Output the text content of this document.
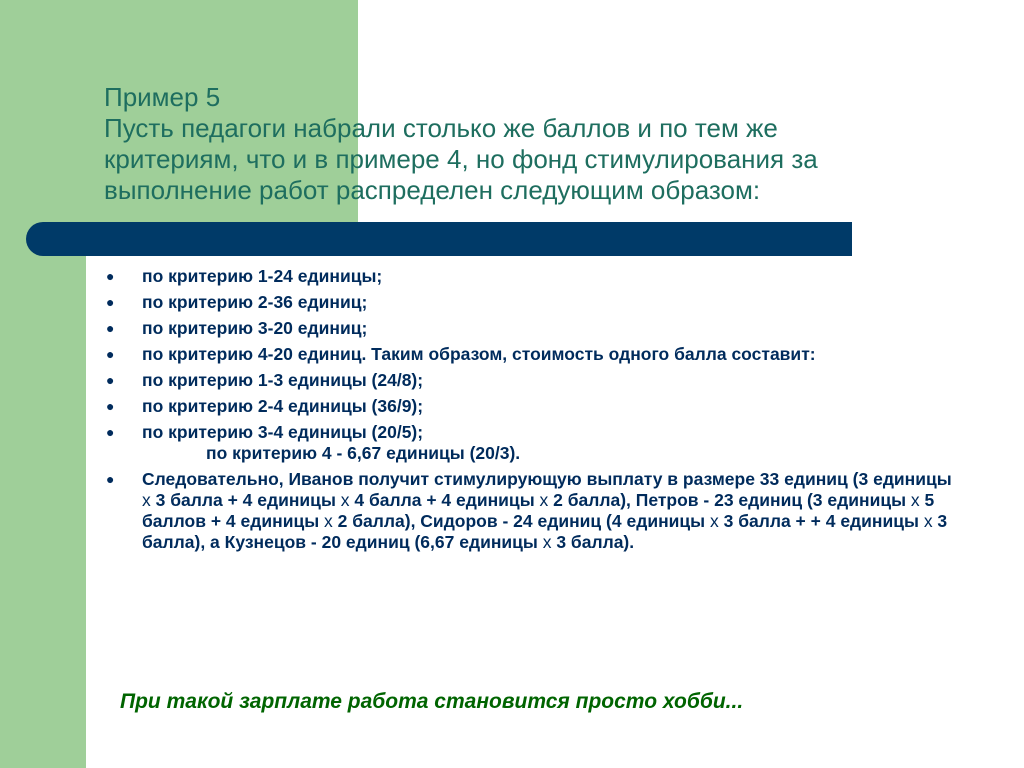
Пример 5
Пусть педагоги набрали столько же баллов и по тем же
критериям, что и в примере 4, но фонд стимулирования за
выполнение работ распределен следующим образом:
● по критерию 1-24 единицы;
● по критерию 2-36 единиц;
● по критерию 3-20 единиц;
● по критерию 4-20 единиц. Таким образом, стоимость одного балла составит:
● по критерию 1-3 единицы (24/8);
● по критерию 2-4 единицы (36/9);
● по критерию 3-4 единицы (20/5);
по критерию 4 - 6,67 единицы (20/3).
● Следовательно, Иванов получит стимулирующую выплату в размере 33 единиц (3 единицы х 3 балла + 4 единицы х 4 балла + 4 единицы х 2 балла), Петров - 23 единиц (3 единицы х 5 баллов + 4 единицы х 2 балла), Сидоров - 24 единиц (4 единицы х 3 балла + + 4 единицы х 3 балла), а Кузнецов - 20 единиц (6,67 единицы х 3 балла).
При такой зарплате работа становится просто хобби...
